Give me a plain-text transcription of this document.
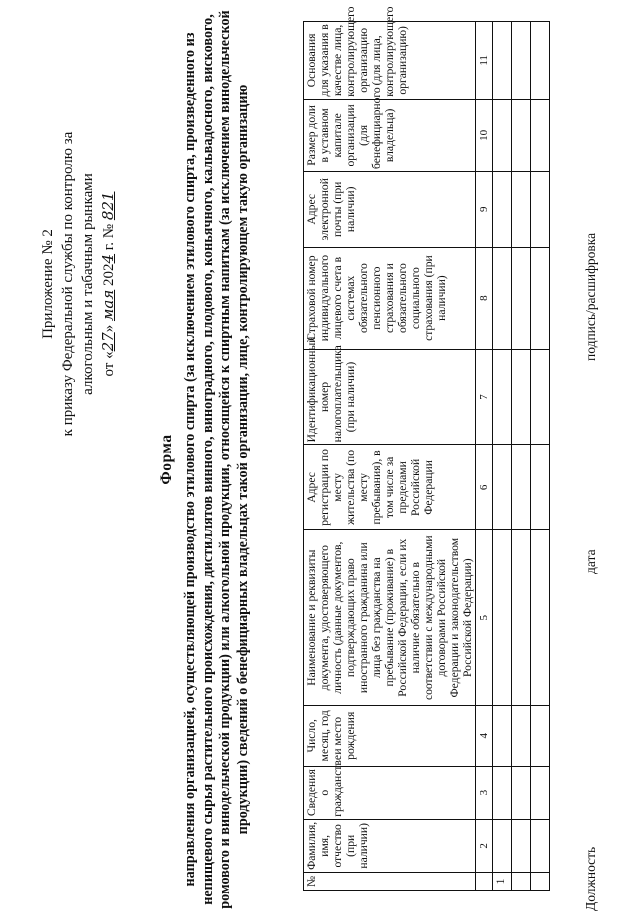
Приложение № 2 к приказу Федеральной службы по контролю за алкогольным и табачным рынками от «27» мая 2024 г. № 821
Форма направления организацией, осуществляющей производство этилового спирта (за исключением этилового спирта, произведенного из непищевого сырья растительного происхождения, дистиллятов винного, виноградного, плодового, коньячного, кальвадосного, вискового, ромового и винодельческой продукции) или алкогольной продукции, относящейся к спиртным напиткам (за исключением винодельческой продукции) сведений о бенефициарных владельцах такой организации, лице, контролирующем такую организацию
№	Фамилия, имя, отчество (при наличии)	Сведения о гражданстве	Число, месяц, год и место рождения	Наименование и реквизиты документа, удостоверяющего личность (данные документов, подтверждающих право иностранного гражданина или лица без гражданства на пребывание (проживание) в Российской Федерации, если их наличие обязательно в соответствии с международными договорами Российской Федерации и законодательством Российской Федерации)	Адрес регистрации по месту жительства (по месту пребывания), в том числе за пределами Российской Федерации	Идентификационный номер налогоплательщика (при наличии)	Страховой номер индивидуального лицевого счета в системах обязательного пенсионного страхования и обязательного социального страхования (при наличии)	Адрес электронной почты (при наличии)	Размер доли в уставном капитале организации (для бенефициарного владельца)	Основания для указания в качестве лица, контролирующего организацию (для лица, контролирующего организацию)
	2	3	4	5	6	7	8	9	10	11
1										

											Должность
дата
подпись/расшифровка
